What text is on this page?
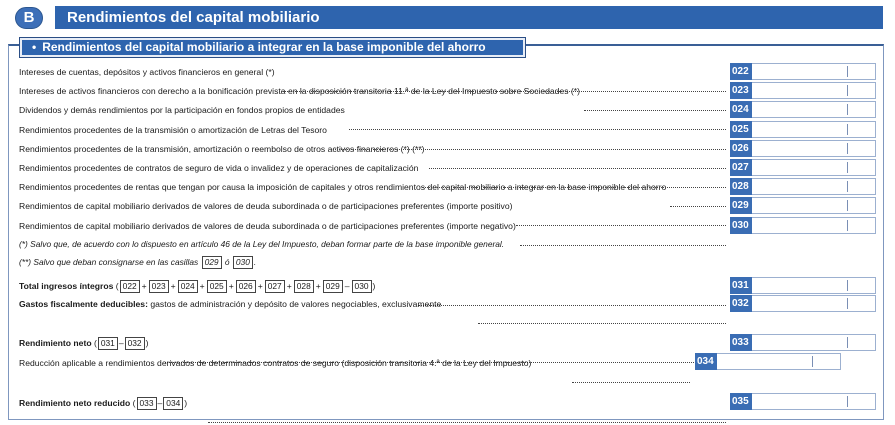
B	Rendimientos del capital mobiliario
• Rendimientos del capital mobiliario a integrar en la base imponible del ahorro
Intereses de cuentas, depósitos y activos financieros en general (*)	022
Intereses de activos financieros con derecho a la bonificación prevista en la disposición transitoria 11.ª de la Ley del Impuesto sobre Sociedades (*)	023
Dividendos y demás rendimientos por la participación en fondos propios de entidades	024
Rendimientos procedentes de la transmisión o amortización de Letras del Tesoro	025
Rendimientos procedentes de la transmisión, amortización o reembolso de otros activos financieros (*) (**)	026
Rendimientos procedentes de contratos de seguro de vida o invalidez y de operaciones de capitalización	027
Rendimientos procedentes de rentas que tengan por causa la imposición de capitales y otros rendimientos del capital mobiliario a integrar en la base imponible del ahorro	028
Rendimientos de capital mobiliario derivados de valores de deuda subordinada o de participaciones preferentes (importe positivo)	029
Rendimientos de capital mobiliario derivados de valores de deuda subordinada o de participaciones preferentes (importe negativo)	030
(*) Salvo que, de acuerdo con lo dispuesto en artículo 46 de la Ley del Impuesto, deban formar parte de la base imponible general.
(**) Salvo que deban consignarse en las casillas 029 ó 030 .
Total ingresos íntegros ( 022 + 023 + 024 + 025 + 026 + 027 + 028 + 029 – 030 )	031
Gastos fiscalmente deducibles: gastos de administración y depósito de valores negociables, exclusivamente	032
Rendimiento neto ( 031 – 032 )	033
Reducción aplicable a rendimientos derivados de determinados contratos de seguro (disposición transitoria 4.ª de la Ley del Impuesto)	034
Rendimiento neto reducido ( 033 – 034 )	035
